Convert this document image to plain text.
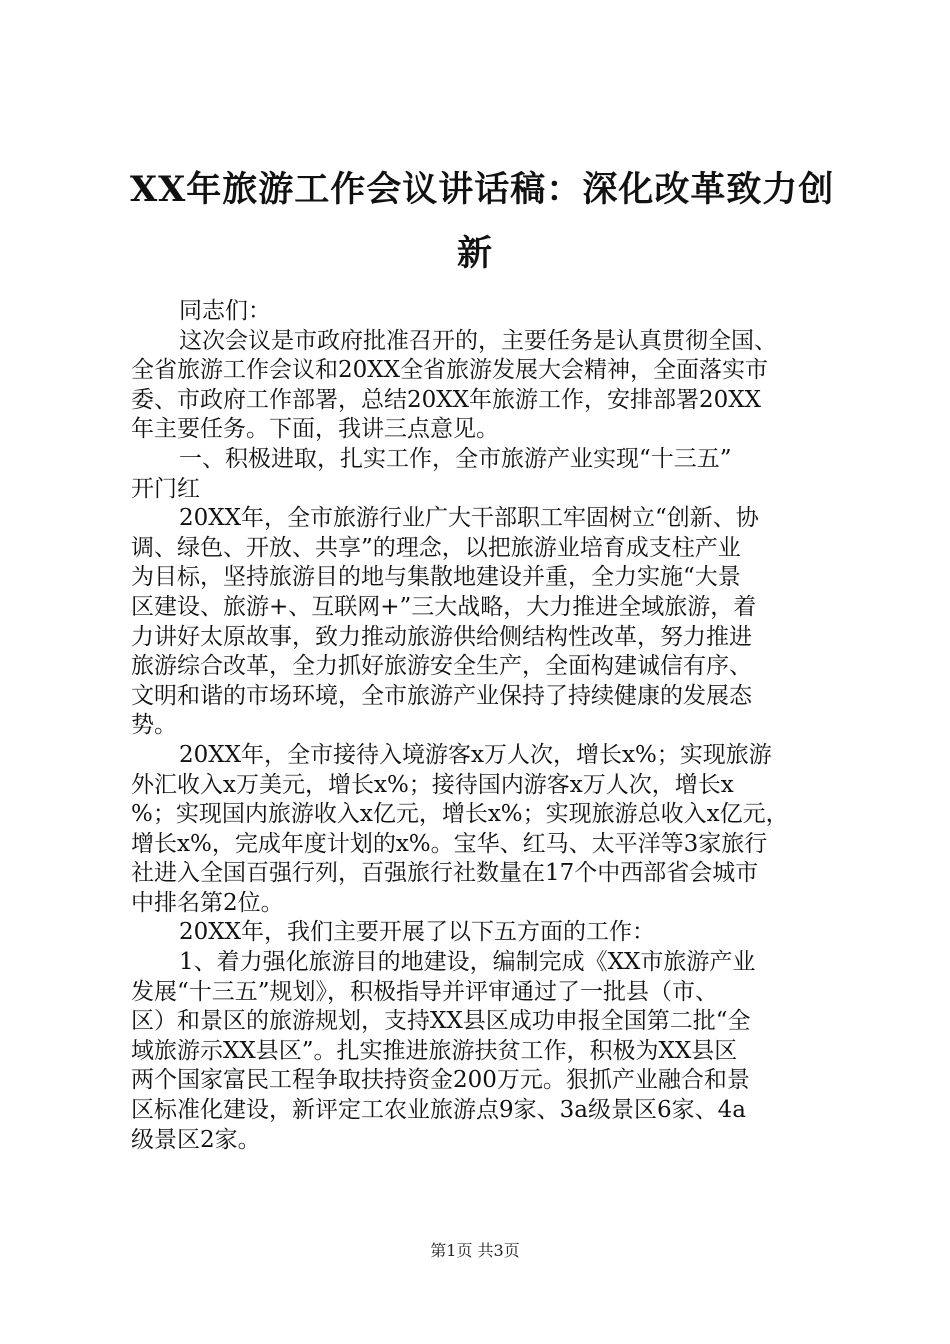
XX年旅游工作会议讲话稿：深化改革致力创
新

同志们：

这次会议是市政府批准召开的，主要任务是认真贯彻全国、
全省旅游工作会议和20XX全省旅游发展大会精神，全面落实市
委、市政府工作部署，总结20XX年旅游工作，安排部署20XX
年主要任务。下面，我讲三点意见。

一、积极进取，扎实工作，全市旅游产业实现“十三五”
开门红

20XX年，全市旅游行业广大干部职工牢固树立“创新、协
调、绿色、开放、共享”的理念，以把旅游业培育成支柱产业
为目标，坚持旅游目的地与集散地建设并重，全力实施“大景
区建设、旅游+、互联网+”三大战略，大力推进全域旅游，着
力讲好太原故事，致力推动旅游供给侧结构性改革，努力推进
旅游综合改革，全力抓好旅游安全生产，全面构建诚信有序、
文明和谐的市场环境，全市旅游产业保持了持续健康的发展态
势。

20XX年，全市接待入境游客x万人次，增长x%；实现旅游
外汇收入x万美元，增长x%；接待国内游客x万人次，增长x
%；实现国内旅游收入x亿元，增长x%；实现旅游总收入x亿元，
增长x%，完成年度计划的x%。宝华、红马、太平洋等3家旅行
社进入全国百强行列，百强旅行社数量在17个中西部省会城市
中排名第2位。

20XX年，我们主要开展了以下五方面的工作：

1、着力强化旅游目的地建设，编制完成《XX市旅游产业
发展“十三五”规划》，积极指导并评审通过了一批县（市、
区）和景区的旅游规划，支持XX县区成功申报全国第二批“全
域旅游示XX县区”。扎实推进旅游扶贫工作，积极为XX县区
两个国家富民工程争取扶持资金200万元。狠抓产业融合和景
区标准化建设，新评定工农业旅游点9家、3a级景区6家、4a
级景区2家。

第1页 共3页
